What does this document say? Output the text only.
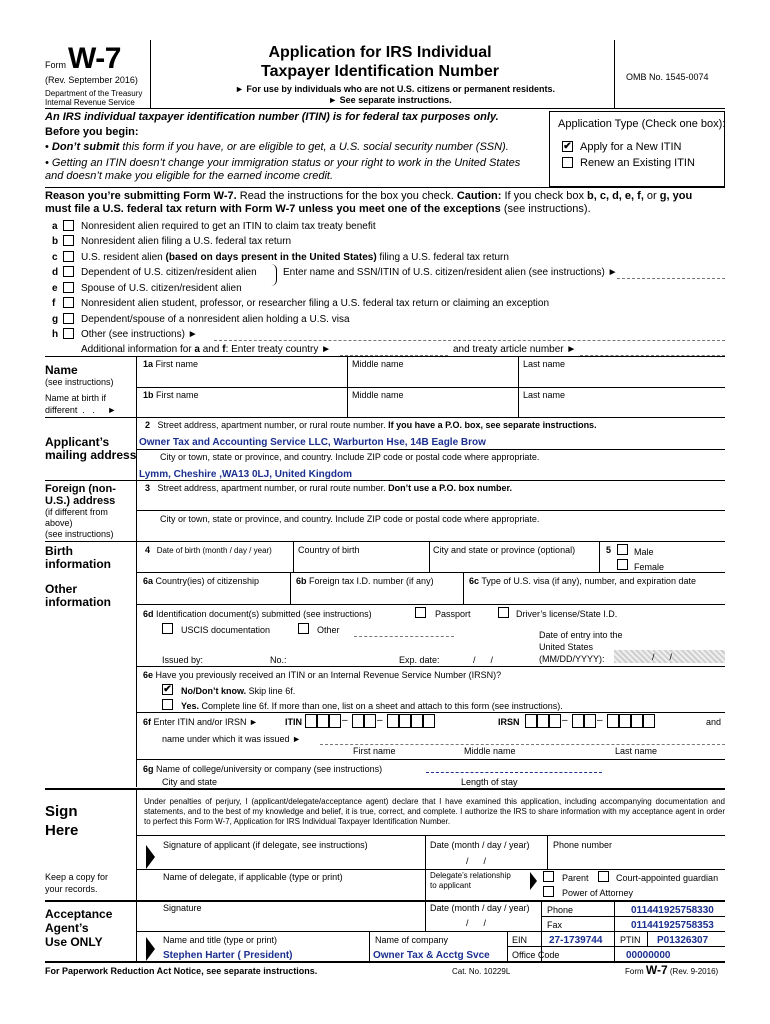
Form W-7
(Rev. September 2016)
Department of the Treasury
Internal Revenue Service
Application for IRS Individual
Taxpayer Identification Number
► For use by individuals who are not U.S. citizens or permanent residents.
► See separate instructions.
OMB No. 1545-0074
An IRS individual taxpayer identification number (ITIN) is for federal tax purposes only.
Before you begin:
• Don’t submit this form if you have, or are eligible to get, a U.S. social security number (SSN).
• Getting an ITIN doesn’t change your immigration status or your right to work in the United States
and doesn’t make you eligible for the earned income credit.
Application Type (Check one box):
✔ Apply for a New ITIN
Renew an Existing ITIN
Reason you’re submitting Form W-7. Read the instructions for the box you check. Caution: If you check box b, c, d, e, f, or g, you
must file a U.S. federal tax return with Form W-7 unless you meet one of the exceptions (see instructions).
a Nonresident alien required to get an ITIN to claim tax treaty benefit
b Nonresident alien filing a U.S. federal tax return
c U.S. resident alien (based on days present in the United States) filing a U.S. federal tax return
d Dependent of U.S. citizen/resident alien	Enter name and SSN/ITIN of U.S. citizen/resident alien (see instructions) ►
e Spouse of U.S. citizen/resident alien
f	Nonresident alien student, professor, or researcher filing a U.S. federal tax return or claiming an exception
g Dependent/spouse of a nonresident alien holding a U.S. visa
h Other (see instructions) ►
Additional information for a and f: Enter treaty country ►	and treaty article number ►
Name
(see instructions)
Name at birth if
different  .   .     ►
1a First name	Middle name	Last name
1b First name	Middle name	Last name
Applicant’s
mailing address
2 Street address, apartment number, or rural route number. If you have a P.O. box, see separate instructions.
Owner Tax and Accounting Service LLC, Warburton Hse, 14B Eagle Brow
City or town, state or province, and country. Include ZIP code or postal code where appropriate.
Lymm, Cheshire ,WA13 0LJ, United Kingdom
Foreign (non-
U.S.) address
(if different from
above)
(see instructions)
3 Street address, apartment number, or rural route number. Don’t use a P.O. box number.
City or town, state or province, and country. Include ZIP code or postal code where appropriate.
Birth
information
4 Date of birth (month / day / year)	Country of birth	City and state or province (optional)	5	Male
Female
Other
information
6a Country(ies) of citizenship	6b Foreign tax I.D. number (if any)	6c Type of U.S. visa (if any), number, and expiration date
6d Identification document(s) submitted (see instructions)	Passport	Driver’s license/State I.D.
USCIS documentation	Other	Date of entry into the
United States
(MM/DD/YYYY):	/      /
Issued by:	No.:	Exp. date:	/      /
6e Have you previously received an ITIN or an Internal Revenue Service Number (IRSN)?
✔ No/Don’t know. Skip line 6f.
Yes. Complete line 6f. If more than one, list on a sheet and attach to this form (see instructions).
6f Enter ITIN and/or IRSN ►	ITIN	–	–	IRSN	–	–	and
name under which it was issued ►
First name	Middle name	Last name
6g Name of college/university or company (see instructions)
City and state	Length of stay
Sign
Here
Under penalties of perjury, I (applicant/delegate/acceptance agent) declare that I have examined this application, including accompanying documentation and statements, and to the best of my knowledge and belief, it is true, correct, and complete. I authorize the IRS to share information with my acceptance agent in order to perfect this Form W-7, Application for IRS Individual Taxpayer Identification Number.
Signature of applicant (if delegate, see instructions)	Date (month / day / year)
/      /
Phone number
Keep a copy for
your records.
Name of delegate, if applicable (type or print)	Delegate’s relationship
to applicant
Parent	Court-appointed guardian
Power of Attorney
Acceptance
Agent’s
Use ONLY
Signature	Date (month / day / year)
/      /
Phone	011441925758330
Fax	011441925758353
Name and title (type or print)
Stephen Harter ( President)
Name of company
Owner Tax & Acctg Svce
EIN 27-1739744 PTIN P01326307
Office Code	00000000
For Paperwork Reduction Act Notice, see separate instructions.	Cat. No. 10229L	Form W-7 (Rev. 9-2016)
